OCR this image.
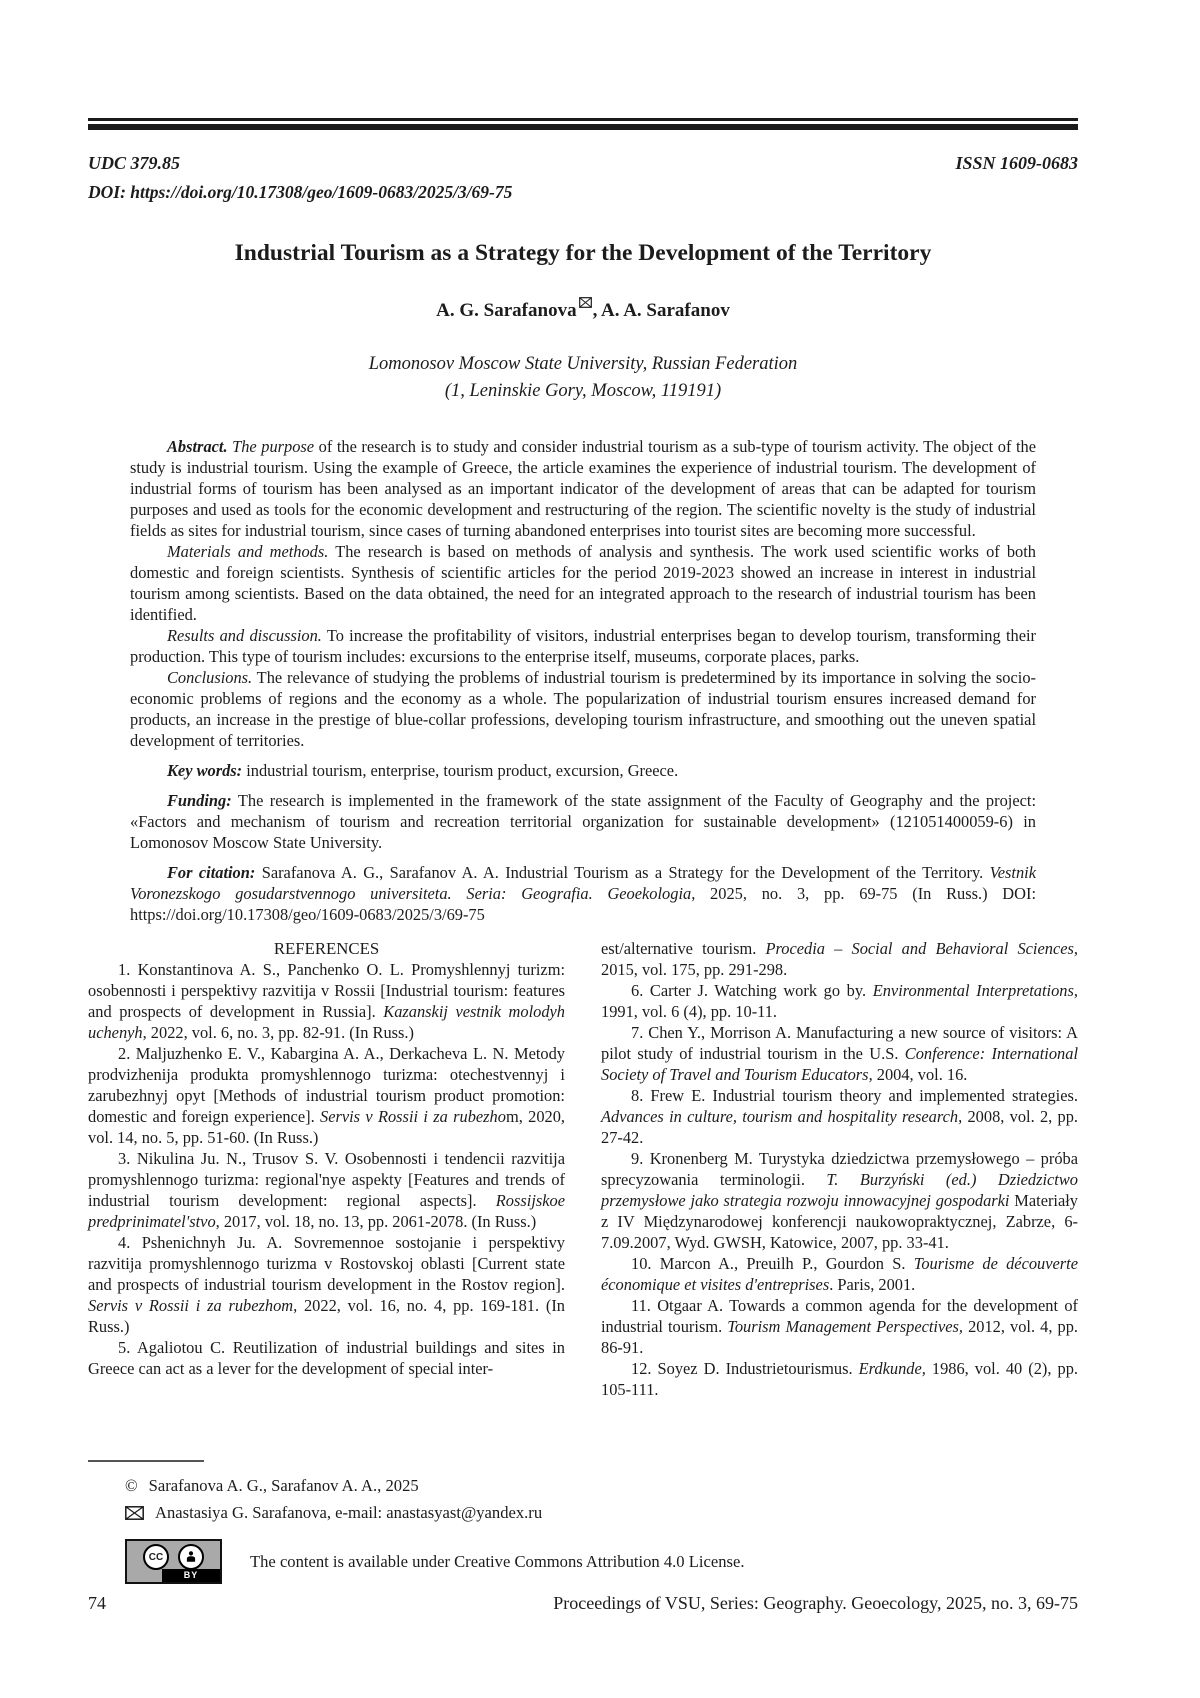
UDC 379.85	ISSN 1609-0683
DOI: https://doi.org/10.17308/geo/1609-0683/2025/3/69-75
Industrial Tourism as a Strategy for the Development of the Territory
A. G. Sarafanova , A. A. Sarafanov
Lomonosov Moscow State University, Russian Federation
(1, Leninskie Gory, Moscow, 119191)

Abstract. The purpose of the research is to study and consider industrial tourism as a sub-type of tourism activity. The object of the study is industrial tourism. Using the example of Greece, the article examines the experience of industrial tourism. The development of industrial forms of tourism has been analysed as an important indicator of the development of areas that can be adapted for tourism purposes and used as tools for the economic development and restructuring of the region. The scientific novelty is the study of industrial fields as sites for industrial tourism, since cases of turning abandoned enterprises into tourist sites are becoming more successful.

Materials and methods. The research is based on methods of analysis and synthesis. The work used scientific works of both domestic and foreign scientists. Synthesis of scientific articles for the period 2019-2023 showed an increase in interest in industrial tourism among scientists. Based on the data obtained, the need for an integrated approach to the research of industrial tourism has been identified.

Results and discussion. To increase the profitability of visitors, industrial enterprises began to develop tourism, transforming their production. This type of tourism includes: excursions to the enterprise itself, museums, corporate places, parks.

Conclusions. The relevance of studying the problems of industrial tourism is predetermined by its importance in solving the socio-economic problems of regions and the economy as a whole. The popularization of industrial tourism ensures increased demand for products, an increase in the prestige of blue-collar professions, developing tourism infrastructure, and smoothing out the uneven spatial development of territories.

Key words: industrial tourism, enterprise, tourism product, excursion, Greece.

Funding: The research is implemented in the framework of the state assignment of the Faculty of Geography and the project: «Factors and mechanism of tourism and recreation territorial organization for sustainable development» (121051400059-6) in Lomonosov Moscow State University.

For citation: Sarafanova A. G., Sarafanov A. A. Industrial Tourism as a Strategy for the Development of the Territory. Vestnik Voronezskogo gosudarstvennogo universiteta. Seria: Geografia. Geoekologia, 2025, no. 3, pp. 69-75 (In Russ.) DOI: https://doi.org/10.17308/geo/1609-0683/2025/3/69-75

REFERENCES

1. Konstantinova A. S., Panchenko O. L. Promyshlennyj turizm: osobennosti i perspektivy razvitija v Rossii [Industrial tourism: features and prospects of development in Russia]. Kazanskij vestnik molodyh uchenyh, 2022, vol. 6, no. 3, pp. 82-91. (In Russ.)

2. Maljuzhenko E. V., Kabargina A. A., Derkacheva L. N. Metody prodvizhenija produkta promyshlennogo turizma: otechestvennyj i zarubezhnyj opyt [Methods of industrial tourism product promotion: domestic and foreign experience]. Servis v Rossii i za rubezhom, 2020, vol. 14, no. 5, pp. 51-60. (In Russ.)

3. Nikulina Ju. N., Trusov S. V. Osobennosti i tendencii razvitija promyshlennogo turizma: regional'nye aspekty [Features and trends of industrial tourism development: regional aspects]. Rossijskoe predprinimatel'stvo, 2017, vol. 18, no. 13, pp. 2061-2078. (In Russ.)

4. Pshenichnyh Ju. A. Sovremennoe sostojanie i perspektivy razvitija promyshlennogo turizma v Rostovskoj oblasti [Current state and prospects of industrial tourism development in the Rostov region]. Servis v Rossii i za rubezhom, 2022, vol. 16, no. 4, pp. 169-181. (In Russ.)

5. Agaliotou C. Reutilization of industrial buildings and sites in Greece can act as a lever for the development of special inter-

est/alternative tourism. Procedia – Social and Behavioral Sciences, 2015, vol. 175, pp. 291-298.

6. Carter J. Watching work go by. Environmental Interpretations, 1991, vol. 6 (4), pp. 10-11.

7. Chen Y., Morrison A. Manufacturing a new source of visitors: A pilot study of industrial tourism in the U.S. Conference: International Society of Travel and Tourism Educators, 2004, vol. 16.

8. Frew E. Industrial tourism theory and implemented strategies. Advances in culture, tourism and hospitality research, 2008, vol. 2, pp. 27-42.

9. Kronenberg M. Turystyka dziedzictwa przemysłowego – próba sprecyzowania terminologii. T. Burzyński (ed.) Dziedzictwo przemysłowe jako strategia rozwoju innowacyjnej gospodarki Materiały z IV Międzynarodowej konferencji naukowopraktycznej, Zabrze, 6-7.09.2007, Wyd. GWSH, Katowice, 2007, pp. 33-41.

10. Marcon A., Preuilh P., Gourdon S. Tourisme de découverte économique et visites d'entreprises. Paris, 2001.

11. Otgaar A. Towards a common agenda for the development of industrial tourism. Tourism Management Perspectives, 2012, vol. 4, pp. 86-91.

12. Soyez D. Industrietourismus. Erdkunde, 1986, vol. 40 (2), pp. 105-111.

© Sarafanova A. G., Sarafanov A. A., 2025
Anastasiya G. Sarafanova, e-mail: anastasyast@yandex.ru
CC
BY
The content is available under Creative Commons Attribution 4.0 License.
74	Proceedings of VSU, Series: Geography. Geoecology, 2025, no. 3, 69-75
